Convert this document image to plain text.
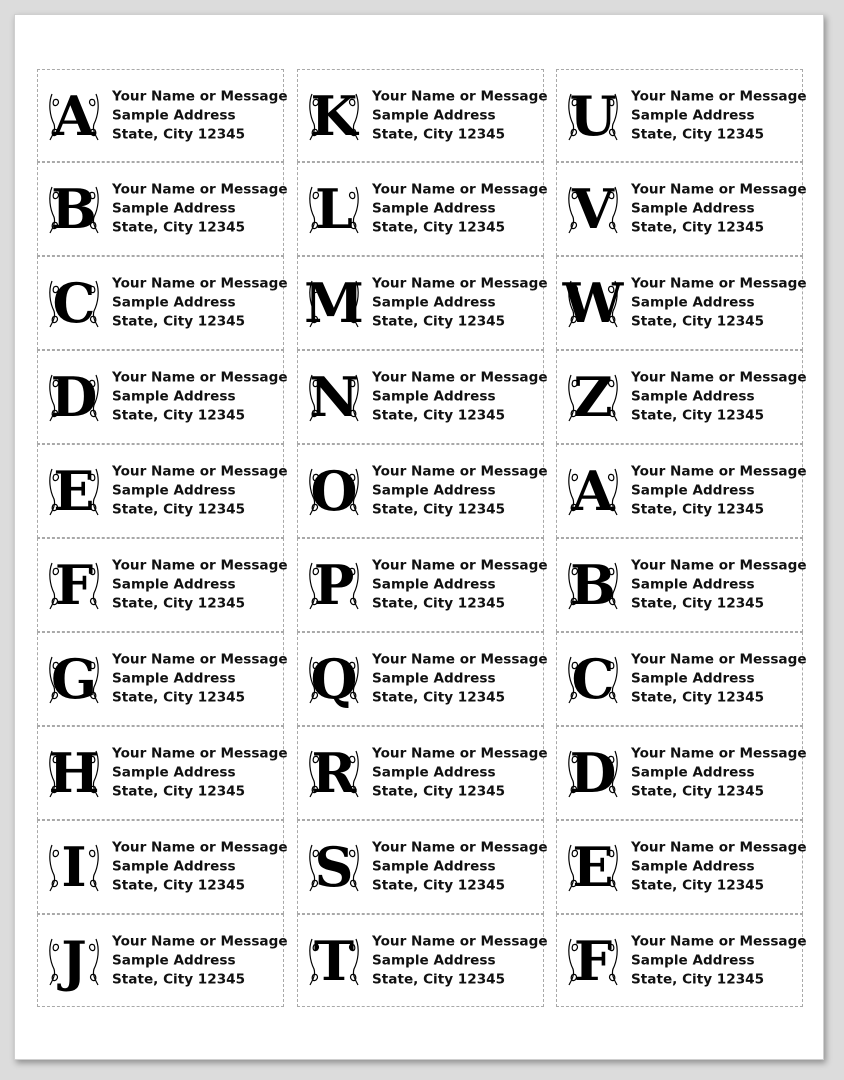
A	Your Name or Message
Sample Address
State, City 12345
B	Your Name or Message
Sample Address
State, City 12345
C	Your Name or Message
Sample Address
State, City 12345
D	Your Name or Message
Sample Address
State, City 12345
E	Your Name or Message
Sample Address
State, City 12345
F	Your Name or Message
Sample Address
State, City 12345
G	Your Name or Message
Sample Address
State, City 12345
H Your Name or Message
Sample Address
State, City 12345
I	Your Name or Message
Sample Address
State, City 12345
J	Your Name or Message
Sample Address
State, City 12345
K	Your Name or Message
Sample Address
State, City 12345
L	Your Name or Message
Sample Address
State, City 12345
M Your Name or Message
Sample Address
State, City 12345
N Your Name or Message
Sample Address
State, City 12345
O	Your Name or Message
Sample Address
State, City 12345
P	Your Name or Message
Sample Address
State, City 12345
Q	Your Name or Message
Sample Address
State, City 12345
R	Your Name or Message
Sample Address
State, City 12345
S	Your Name or Message
Sample Address
State, City 12345
T	Your Name or Message
Sample Address
State, City 12345
U	Your Name or Message
Sample Address
State, City 12345
V	Your Name or Message
Sample Address
State, City 12345
W Your Name or Message
Sample Address
State, City 12345
Z	Your Name or Message
Sample Address
State, City 12345
A	Your Name or Message
Sample Address
State, City 12345
B	Your Name or Message
Sample Address
State, City 12345
C	Your Name or Message
Sample Address
State, City 12345
D	Your Name or Message
Sample Address
State, City 12345
E	Your Name or Message
Sample Address
State, City 12345
F	Your Name or Message
Sample Address
State, City 12345
